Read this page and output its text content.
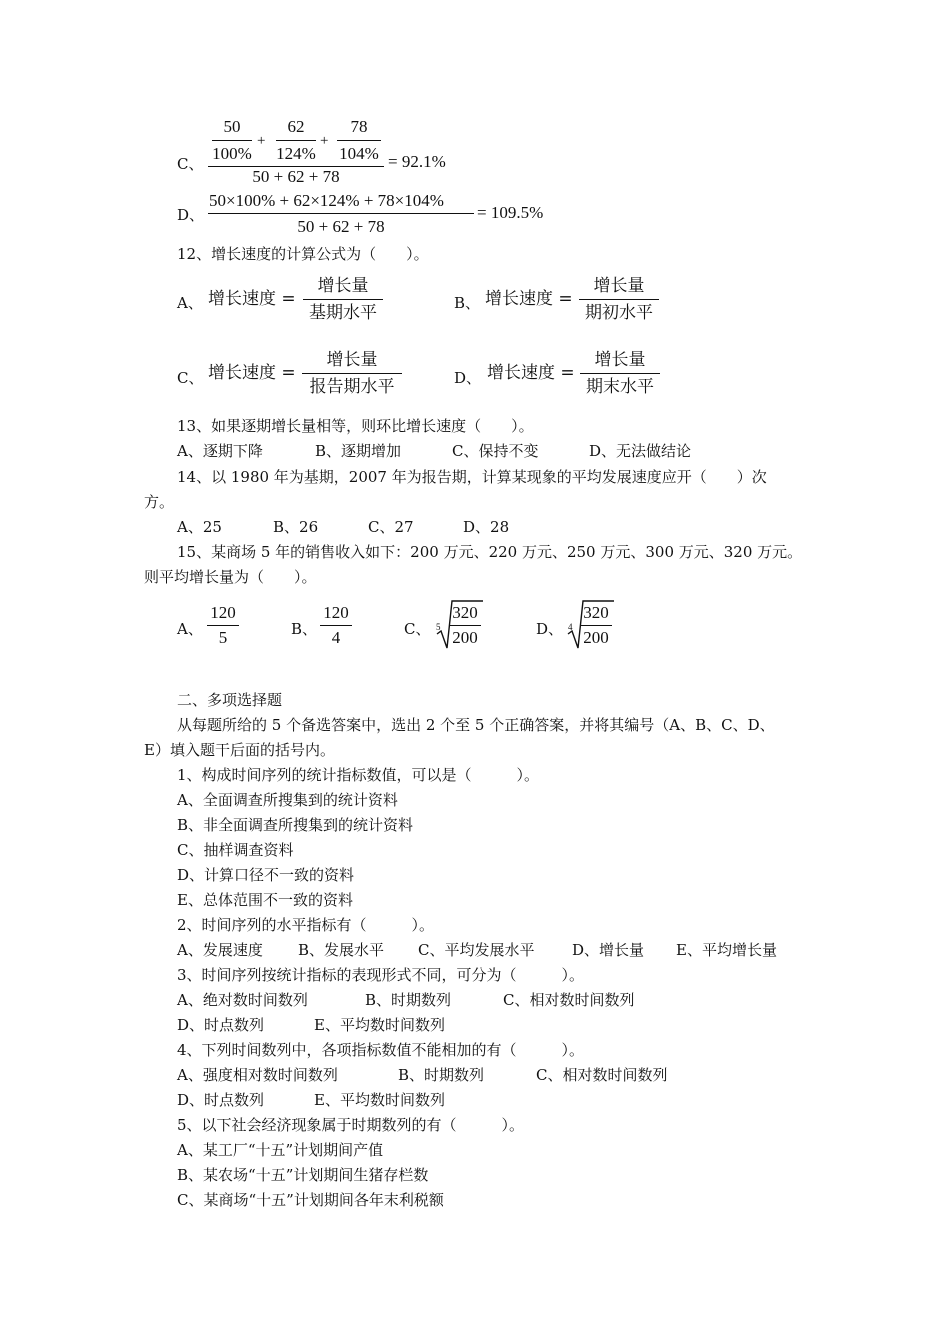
C、
50	62	78
+	+
100%	124%	104%
50 + 62 + 78
= 92.1%
D、
50×100% + 62×124% + 78×104%
50 + 62 + 78
= 109.5%
12、增长速度的计算公式为（　　）。
A、 增长速度 =
增长量
基期水平	B、 增长速度 =
增长量
期初水平
C、 增长速度 =
增长量
报告期水平	D、 增长速度 =
增长量
期末水平
13、如果逐期增长量相等，则环比增长速度（　　）。
A、逐期下降	B、逐期增加	C、保持不变	D、无法做结论
14、以 1980 年为基期，2007 年为报告期，计算某现象的平均发展速度应开（　　）次
方。
A、25	B、26	C、27	D、28
15、某商场 5 年的销售收入如下：200 万元、220 万元、250 万元、300 万元、320 万元。
则平均增长量为（　　）。
A、
120
5	B、
120
4	C、 5
320
200	D、 4
320
200
二、多项选择题
从每题所给的 5 个备选答案中，选出 2 个至 5 个正确答案，并将其编号（A、B、C、D、
E）填入题干后面的括号内。
1、构成时间序列的统计指标数值，可以是（　　　）。
A、全面调查所搜集到的统计资料
B、非全面调查所搜集到的统计资料
C、抽样调查资料
D、计算口径不一致的资料
E、总体范围不一致的资料
2、时间序列的水平指标有（　　　）。
A、发展速度 B、发展水平 C、平均发展水平	D、增长量 E、平均增长量
3、时间序列按统计指标的表现形式不同，可分为（　　　）。
A、绝对数时间数列	B、时期数列	C、相对数时间数列
D、时点数列	E、平均数时间数列
4、下列时间数列中，各项指标数值不能相加的有（　　　）。
A、强度相对数时间数列	B、时期数列	C、相对数时间数列
D、时点数列	E、平均数时间数列
5、以下社会经济现象属于时期数列的有（　　　）。
A、某工厂“十五”计划期间产值
B、某农场“十五”计划期间生猪存栏数
C、某商场“十五”计划期间各年末利税额
